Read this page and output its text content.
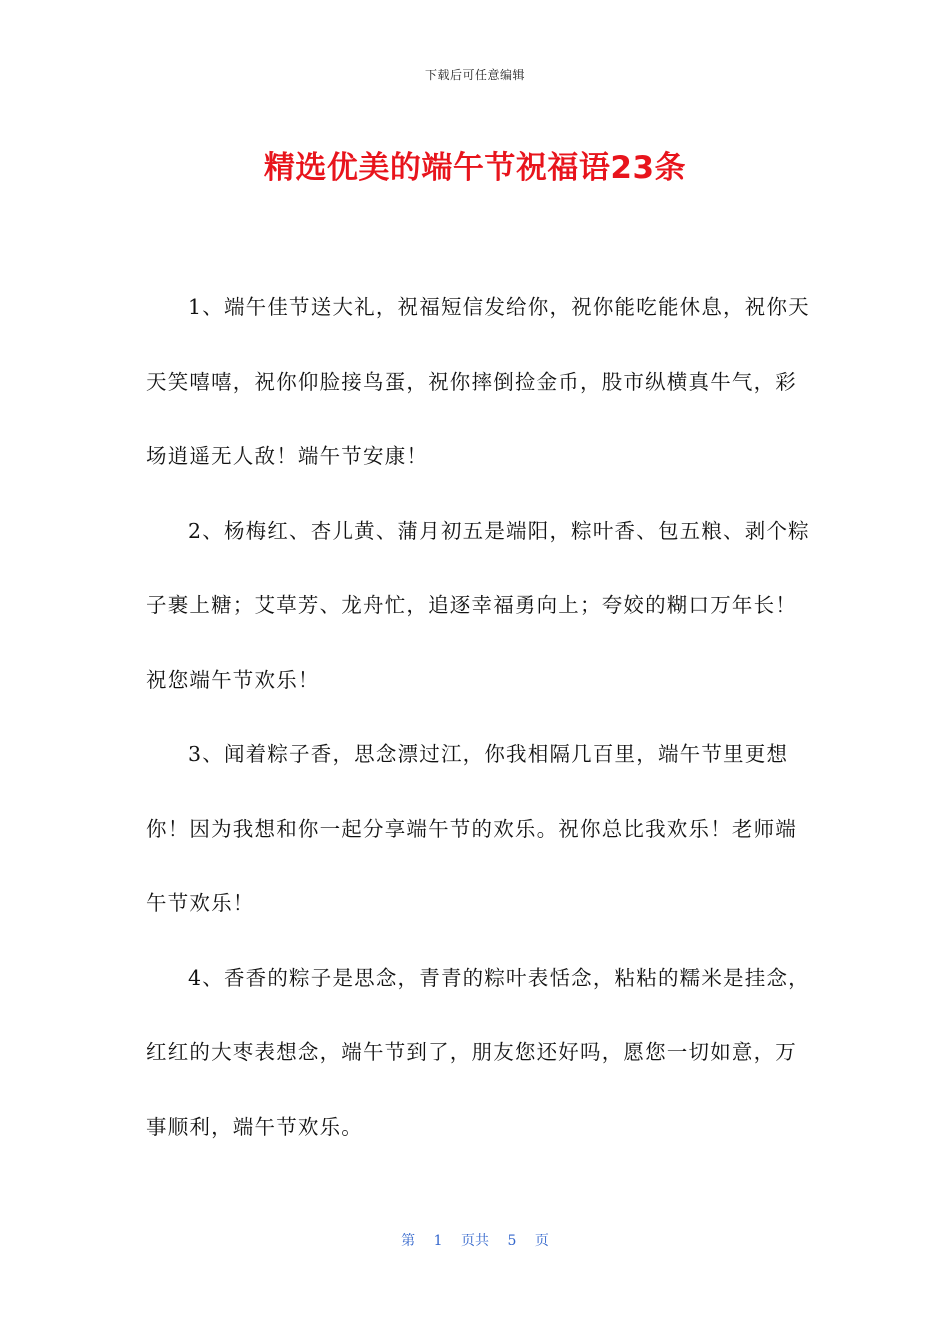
下载后可任意编辑
精选优美的端午节祝福语23条

1、端午佳节送大礼，祝福短信发给你，祝你能吃能休息，祝你天天笑嘻嘻，祝你仰脸接鸟蛋，祝你摔倒捡金币，股市纵横真牛气，彩场逍遥无人敌！端午节安康！

2、杨梅红、杏儿黄、蒲月初五是端阳，粽叶香、包五粮、剥个粽子裹上糖；艾草芳、龙舟忙，追逐幸福勇向上；夸姣的糊口万年长！祝您端午节欢乐！

3、闻着粽子香，思念漂过江，你我相隔几百里，端午节里更想你！因为我想和你一起分享端午节的欢乐。祝你总比我欢乐！老师端午节欢乐！

4、香香的粽子是思念，青青的粽叶表恬念，粘粘的糯米是挂念，红红的大枣表想念，端午节到了，朋友您还好吗，愿您一切如意，万事顺利，端午节欢乐。

第 1 页共 5 页
